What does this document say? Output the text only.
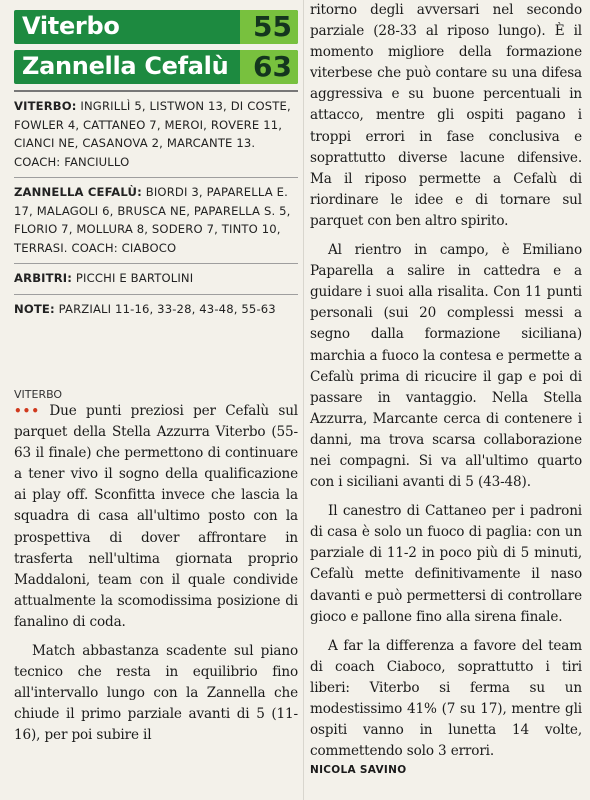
Viterbo	55
Zannella Cefalù 63
VITERBO: INGRILLÌ 5, LISTWON 13, DI COSTE, FOWLER 4, CATTANEO 7, MEROI, ROVERE 11, CIANCI NE, CASANOVA 2, MARCANTE 13. COACH: FANCIULLO
ZANNELLA CEFALÙ: BIORDI 3, PAPARELLA E. 17, MALAGOLI 6, BRUSCA NE, PAPARELLA S. 5, FLORIO 7, MOLLURA 8, SODERO 7, TINTO 10, TERRASI. COACH: CIABOCO
ARBITRI: PICCHI E BARTOLINI
NOTE: PARZIALI 11-16, 33-28, 43-48, 55-63
VITERBO

••• Due punti preziosi per Cefalù sul parquet della Stella Azzurra Viterbo (55-63 il finale) che permettono di continuare a tener vivo il sogno della qualificazione ai play off. Sconfitta invece che lascia la squadra di casa all'ultimo posto con la prospettiva di dover affrontare in trasferta nell'ultima giornata proprio Maddaloni, team con il quale condivide attualmente la scomodissima posizione di fanalino di coda.

Match abbastanza scadente sul piano tecnico che resta in equilibrio fino all'intervallo lungo con la Zannella che chiude il primo parziale avanti di 5 (11-16), per poi subire il

ritorno degli avversari nel secondo parziale (28-33 al riposo lungo). È il momento migliore della formazione viterbese che può contare su una difesa aggressiva e su buone percentuali in attacco, mentre gli ospiti pagano i troppi errori in fase conclusiva e soprattutto diverse lacune difensive. Ma il riposo permette a Cefalù di riordinare le idee e di tornare sul parquet con ben altro spirito.

Al rientro in campo, è Emiliano Paparella a salire in cattedra e a guidare i suoi alla risalita. Con 11 punti personali (sui 20 complessi messi a segno dalla formazione siciliana) marchia a fuoco la contesa e permette a Cefalù prima di ricucire il gap e poi di passare in vantaggio. Nella Stella Azzurra, Marcante cerca di contenere i danni, ma trova scarsa collaborazione nei compagni. Si va all'ultimo quarto con i siciliani avanti di 5 (43-48).

Il canestro di Cattaneo per i padroni di casa è solo un fuoco di paglia: con un parziale di 11-2 in poco più di 5 minuti, Cefalù mette definitivamente il naso davanti e può permettersi di controllare gioco e pallone fino alla sirena finale.

A far la differenza a favore del team di coach Ciaboco, soprattutto i tiri liberi: Viterbo si ferma su un modestissimo 41% (7 su 17), mentre gli ospiti vanno in lunetta 14 volte, commettendo solo 3 errori.

NICOLA SAVINO
